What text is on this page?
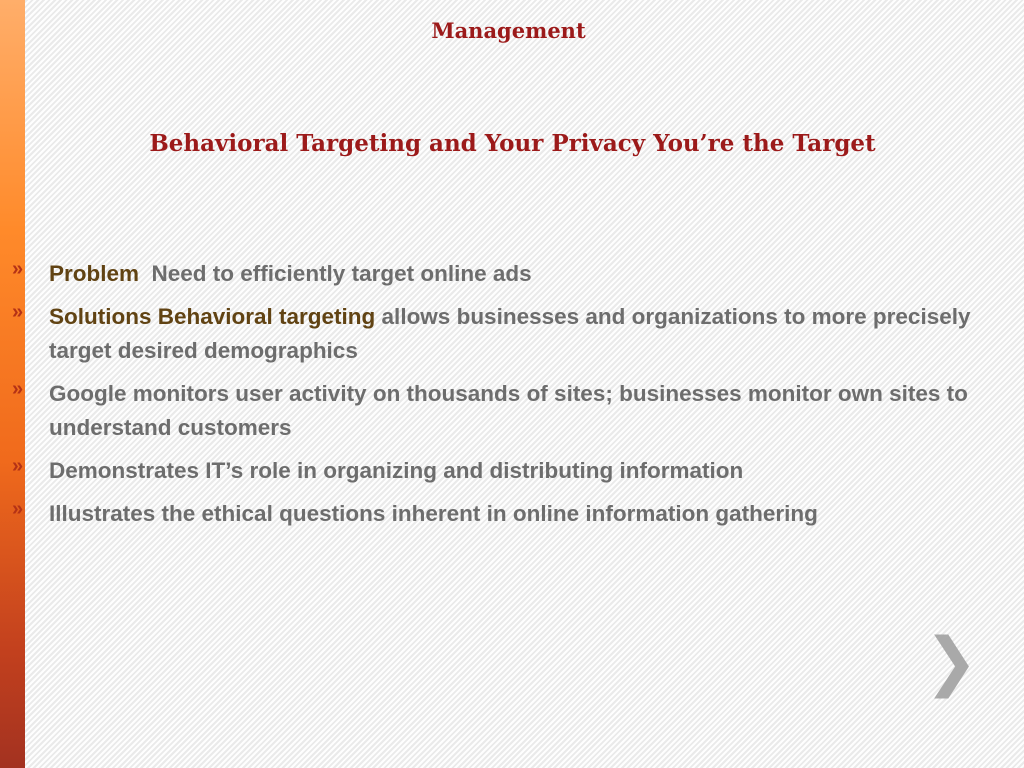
Management
Behavioral Targeting and Your Privacy You’re the Target
» Problem  Need to efficiently target online ads
» Solutions Behavioral targeting allows businesses and organizations to more precisely target desired demographics
» Google monitors user activity on thousands of sites; businesses monitor own sites to understand customers
» Demonstrates IT’s role in organizing and distributing information
» Illustrates the ethical questions inherent in online information gathering
❯
